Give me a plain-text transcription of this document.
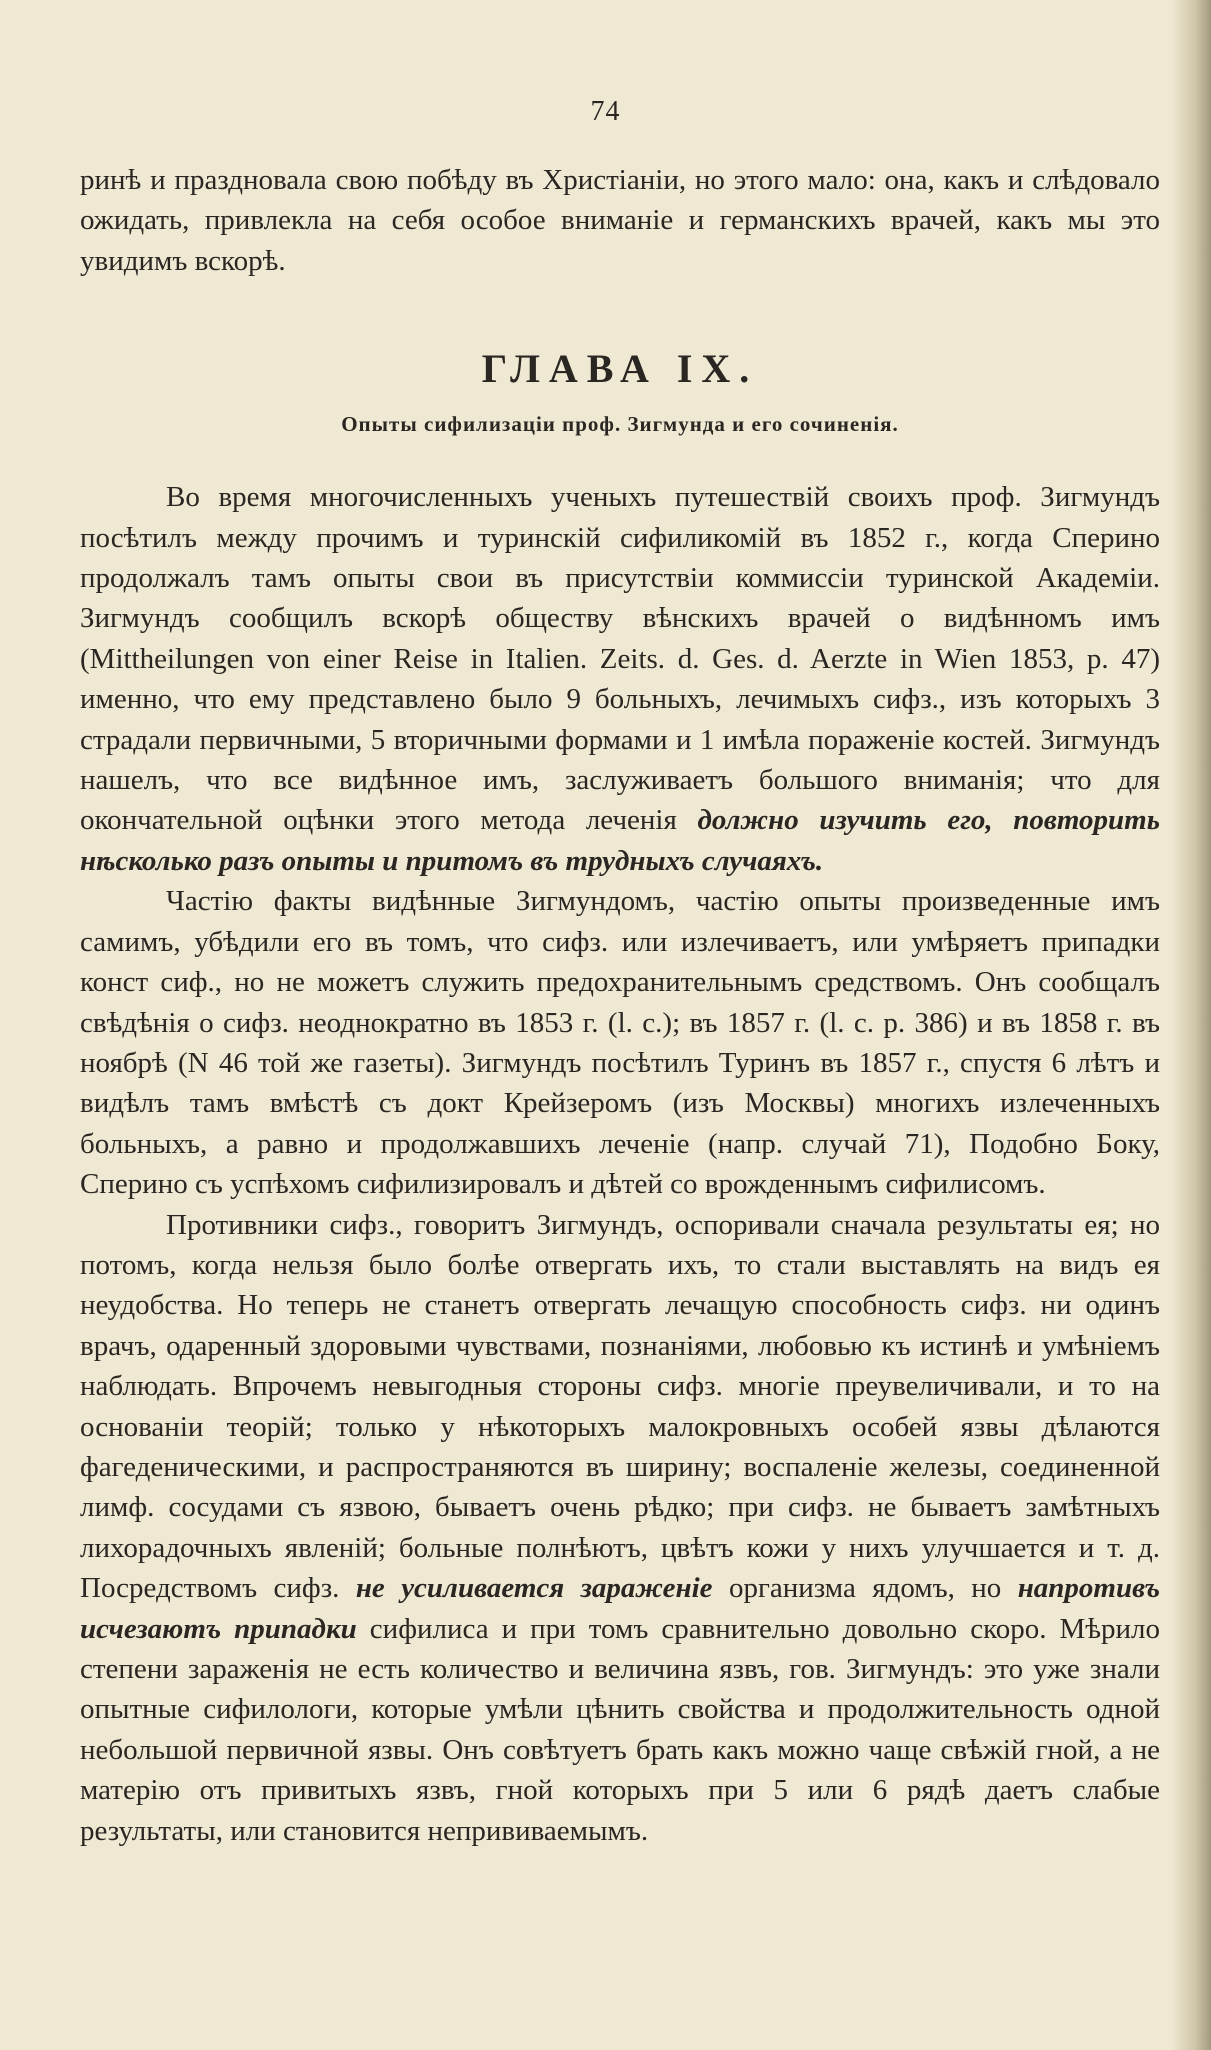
74

ринѣ и праздновала свою побѣду въ Христіаніи, но этого мало: она, какъ и слѣдовало ожидать, привлекла на себя особое вниманіе и германскихъ врачей, какъ мы это увидимъ вскорѣ.

ГЛАВА IX.
Опыты сифилизаціи проф. Зигмунда и его сочиненія.

Во время многочисленныхъ ученыхъ путешествій своихъ проф. Зигмундъ посѣтилъ между прочимъ и туринскій сифиликомій въ 1852 г., когда Сперино продолжалъ тамъ опыты свои въ присутствіи коммиссіи туринской Академіи. Зигмундъ сообщилъ вскорѣ обществу вѣнскихъ врачей о видѣнномъ имъ (Mittheilungen von einer Reise in Italien. Zeits. d. Ges. d. Aerzte in Wien 1853, p. 47) именно, что ему представлено было 9 больныхъ, лечимыхъ сифз., изъ которыхъ 3 страдали первичными, 5 вторичными формами и 1 имѣла пораженіе костей. Зигмундъ нашелъ, что все видѣнное имъ, заслуживаетъ большого вниманія; что для окончательной оцѣнки этого метода леченія должно изучить его, повторить нѣсколько разъ опыты и притомъ въ трудныхъ случаяхъ.

Частію факты видѣнные Зигмундомъ, частію опыты произведенные имъ самимъ, убѣдили его въ томъ, что сифз. или излечиваетъ, или умѣряетъ припадки конст сиф., но не можетъ служить предохранительнымъ средствомъ. Онъ сообщалъ свѣдѣнія о сифз. неоднократно въ 1853 г. (l. c.); въ 1857 г. (l. c. p. 386) и въ 1858 г. въ ноябрѣ (N 46 той же газеты). Зигмундъ посѣтилъ Туринъ въ 1857 г., спустя 6 лѣтъ и видѣлъ тамъ вмѣстѣ съ докт Крейзеромъ (изъ Москвы) многихъ излеченныхъ больныхъ, а равно и продолжавшихъ леченіе (напр. случай 71), Подобно Боку, Сперино съ успѣхомъ сифилизировалъ и дѣтей со врожденнымъ сифилисомъ.

Противники сифз., говоритъ Зигмундъ, оспоривали сначала результаты ея; но потомъ, когда нельзя было болѣе отвергать ихъ, то стали выставлять на видъ ея неудобства. Но теперь не станетъ отвергать лечащую способность сифз. ни одинъ врачъ, одаренный здоровыми чувствами, познаніями, любовью къ истинѣ и умѣніемъ наблюдать. Впрочемъ невыгодныя стороны сифз. многіе преувеличивали, и то на основаніи теорій; только у нѣкоторыхъ малокровныхъ особей язвы дѣлаются фагеденическими, и распространяются въ ширину; воспаленіе железы, соединенной лимф. сосудами съ язвою, бываетъ очень рѣдко; при сифз. не бываетъ замѣтныхъ лихорадочныхъ явленій; больные полнѣютъ, цвѣтъ кожи у нихъ улучшается и т. д. Посредствомъ сифз. не усиливается зараженіе организма ядомъ, но напротивъ исчезаютъ припадки сифилиса и при томъ сравнительно довольно скоро. Мѣрило степени зараженія не есть количество и величина язвъ, гов. Зигмундъ: это уже знали опытные сифилологи, которые умѣли цѣнить свойства и продолжительность одной небольшой первичной язвы. Онъ совѣтуетъ брать какъ можно чаще свѣжій гной, а не матерію отъ привитыхъ язвъ, гной которыхъ при 5 или 6 рядѣ даетъ слабые результаты, или становится непрививаемымъ.
